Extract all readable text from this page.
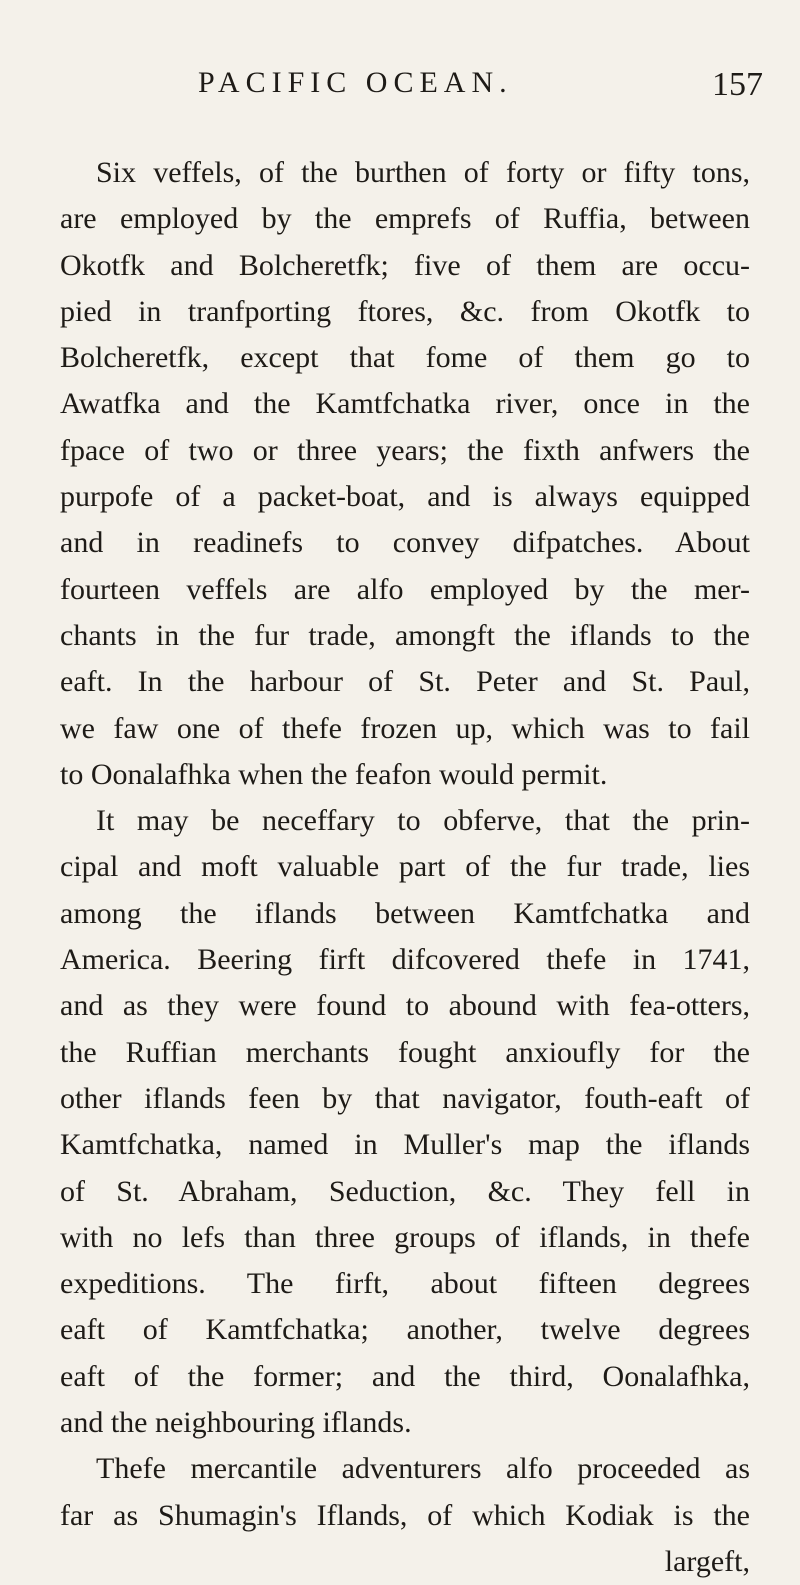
PACIFIC OCEAN.	157
Six veffels, of the burthen of forty or fifty tons,
are employed by the emprefs of Ruffia, between
Okotfk and Bolcheretfk; five of them are occu-
pied in tranfporting ftores, &c. from Okotfk to
Bolcheretfk, except that fome of them go to
Awatfka and the Kamtfchatka river, once in the
fpace of two or three years; the fixth anfwers the
purpofe of a packet-boat, and is always equipped
and in readinefs to convey difpatches. About
fourteen veffels are alfo employed by the mer-
chants in the fur trade, amongft the iflands to the
eaft. In the harbour of St. Peter and St. Paul,
we faw one of thefe frozen up, which was to fail
to Oonalafhka when the feafon would permit.
It may be neceffary to obferve, that the prin-
cipal and moft valuable part of the fur trade, lies
among the iflands between Kamtfchatka and
America. Beering firft difcovered thefe in 1741,
and as they were found to abound with fea-otters,
the Ruffian merchants fought anxioufly for the
other iflands feen by that navigator, fouth-eaft of
Kamtfchatka, named in Muller's map the iflands
of St. Abraham, Seduction, &c. They fell in
with no lefs than three groups of iflands, in thefe
expeditions. The firft, about fifteen degrees
eaft of Kamtfchatka; another, twelve degrees
eaft of the former; and the third, Oonalafhka,
and the neighbouring iflands.
Thefe mercantile adventurers alfo proceeded as
far as Shumagin's Iflands, of which Kodiak is the
largeft,
